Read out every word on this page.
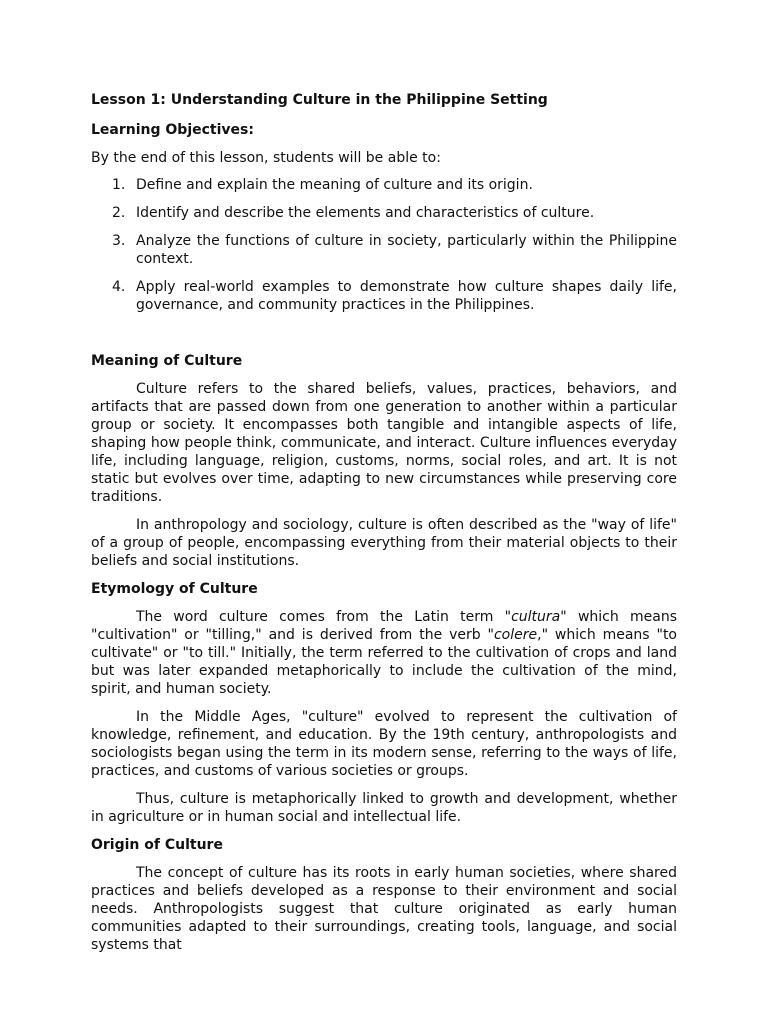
Lesson 1: Understanding Culture in the Philippine Setting
Learning Objectives:

By the end of this lesson, students will be able to:

1. Define and explain the meaning of culture and its origin.
2. Identify and describe the elements and characteristics of culture.
3. Analyze the functions of culture in society, particularly within the Philippine context.
4. Apply real-world examples to demonstrate how culture shapes daily life, governance, and community practices in the Philippines.
Meaning of Culture

Culture refers to the shared beliefs, values, practices, behaviors, and artifacts that are passed down from one generation to another within a particular group or society. It encompasses both tangible and intangible aspects of life, shaping how people think, communicate, and interact. Culture influences everyday life, including language, religion, customs, norms, social roles, and art. It is not static but evolves over time, adapting to new circumstances while preserving core traditions.

In anthropology and sociology, culture is often described as the "way of life" of a group of people, encompassing everything from their material objects to their beliefs and social institutions.

Etymology of Culture

The word culture comes from the Latin term "cultura" which means "cultivation" or "tilling," and is derived from the verb "colere," which means "to cultivate" or "to till." Initially, the term referred to the cultivation of crops and land but was later expanded metaphorically to include the cultivation of the mind, spirit, and human society.

In the Middle Ages, "culture" evolved to represent the cultivation of knowledge, refinement, and education. By the 19th century, anthropologists and sociologists began using the term in its modern sense, referring to the ways of life, practices, and customs of various societies or groups.

Thus, culture is metaphorically linked to growth and development, whether in agriculture or in human social and intellectual life.

Origin of Culture

The concept of culture has its roots in early human societies, where shared practices and beliefs developed as a response to their environment and social needs. Anthropologists suggest that culture originated as early human communities adapted to their surroundings, creating tools, language, and social systems that
